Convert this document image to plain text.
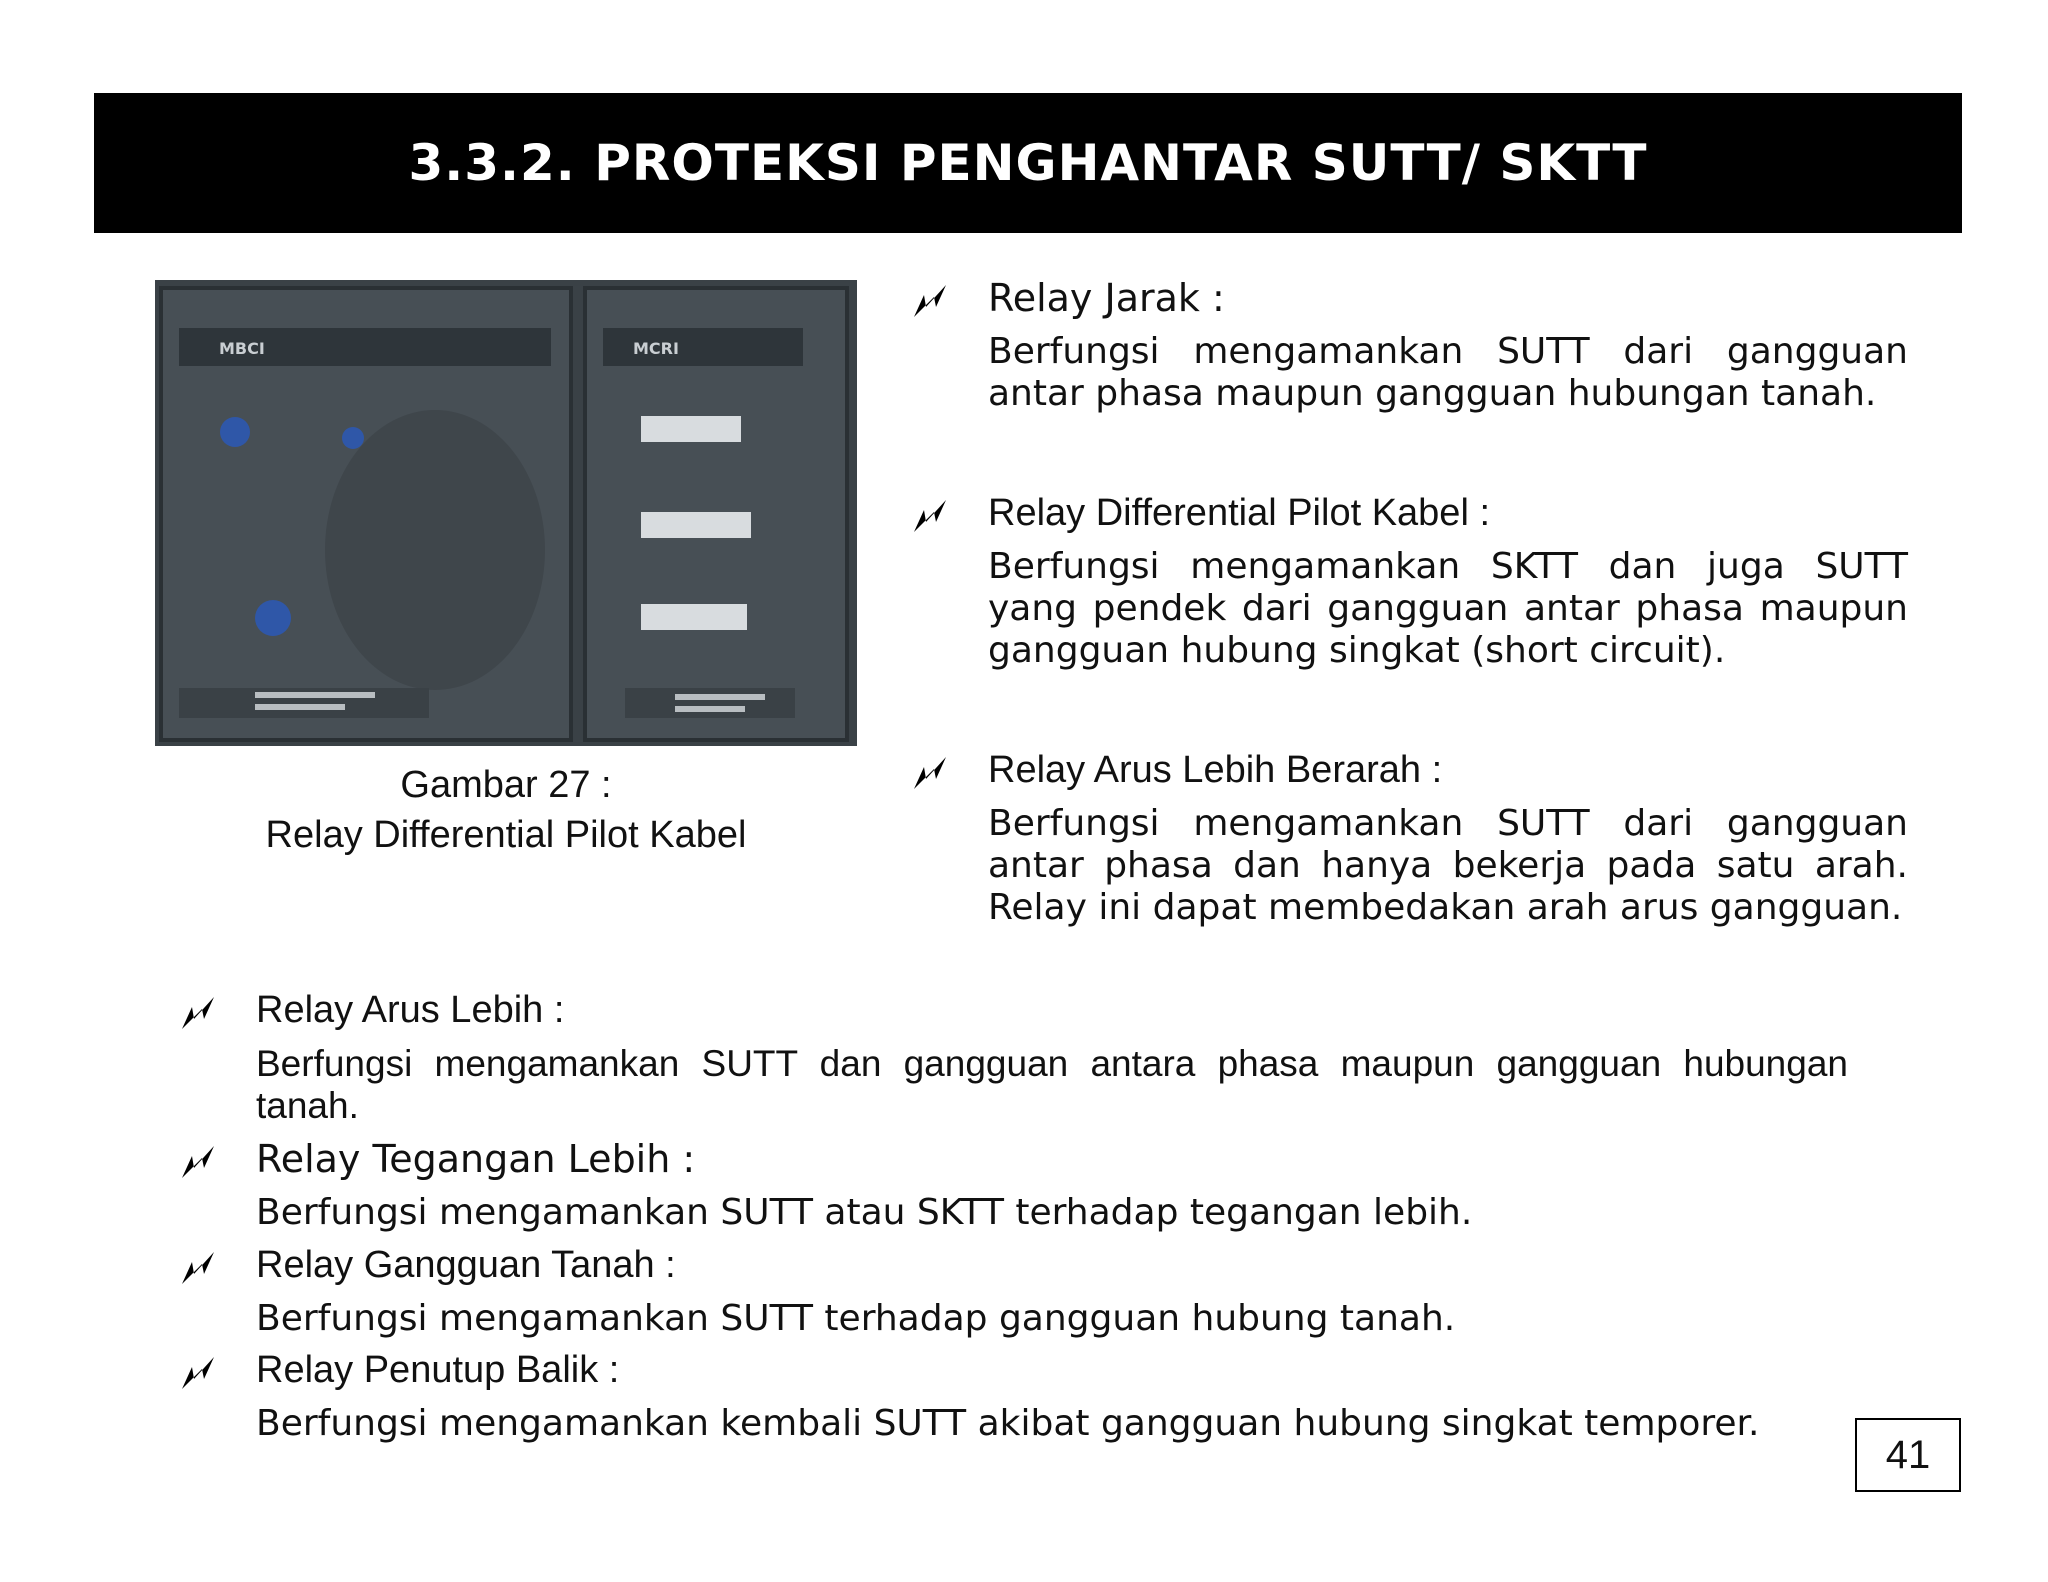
3.3.2. PROTEKSI PENGHANTAR SUTT/ SKTT
MBCI	MCRI
Gambar 27 :
Relay Differential Pilot Kabel

Relay Jarak :

Berfungsi mengamankan SUTT dari gangguan antar phasa maupun gangguan hubungan tanah.

Relay Differential Pilot Kabel :

Berfungsi mengamankan SKTT dan juga SUTT yang pendek dari gangguan antar phasa maupun gangguan hubung singkat (short circuit).

Relay Arus Lebih Berarah :

Berfungsi mengamankan SUTT dari gangguan antar phasa dan hanya bekerja pada satu arah. Relay ini dapat membedakan arah arus gangguan.

Relay Arus Lebih :

Berfungsi mengamankan SUTT dan gangguan antara phasa maupun gangguan hubungan tanah.

Relay Tegangan Lebih :

Berfungsi mengamankan SUTT atau SKTT terhadap tegangan lebih.

Relay Gangguan Tanah :

Berfungsi mengamankan SUTT terhadap gangguan hubung tanah.

Relay Penutup Balik :

Berfungsi mengamankan kembali SUTT akibat gangguan hubung singkat temporer.

41
